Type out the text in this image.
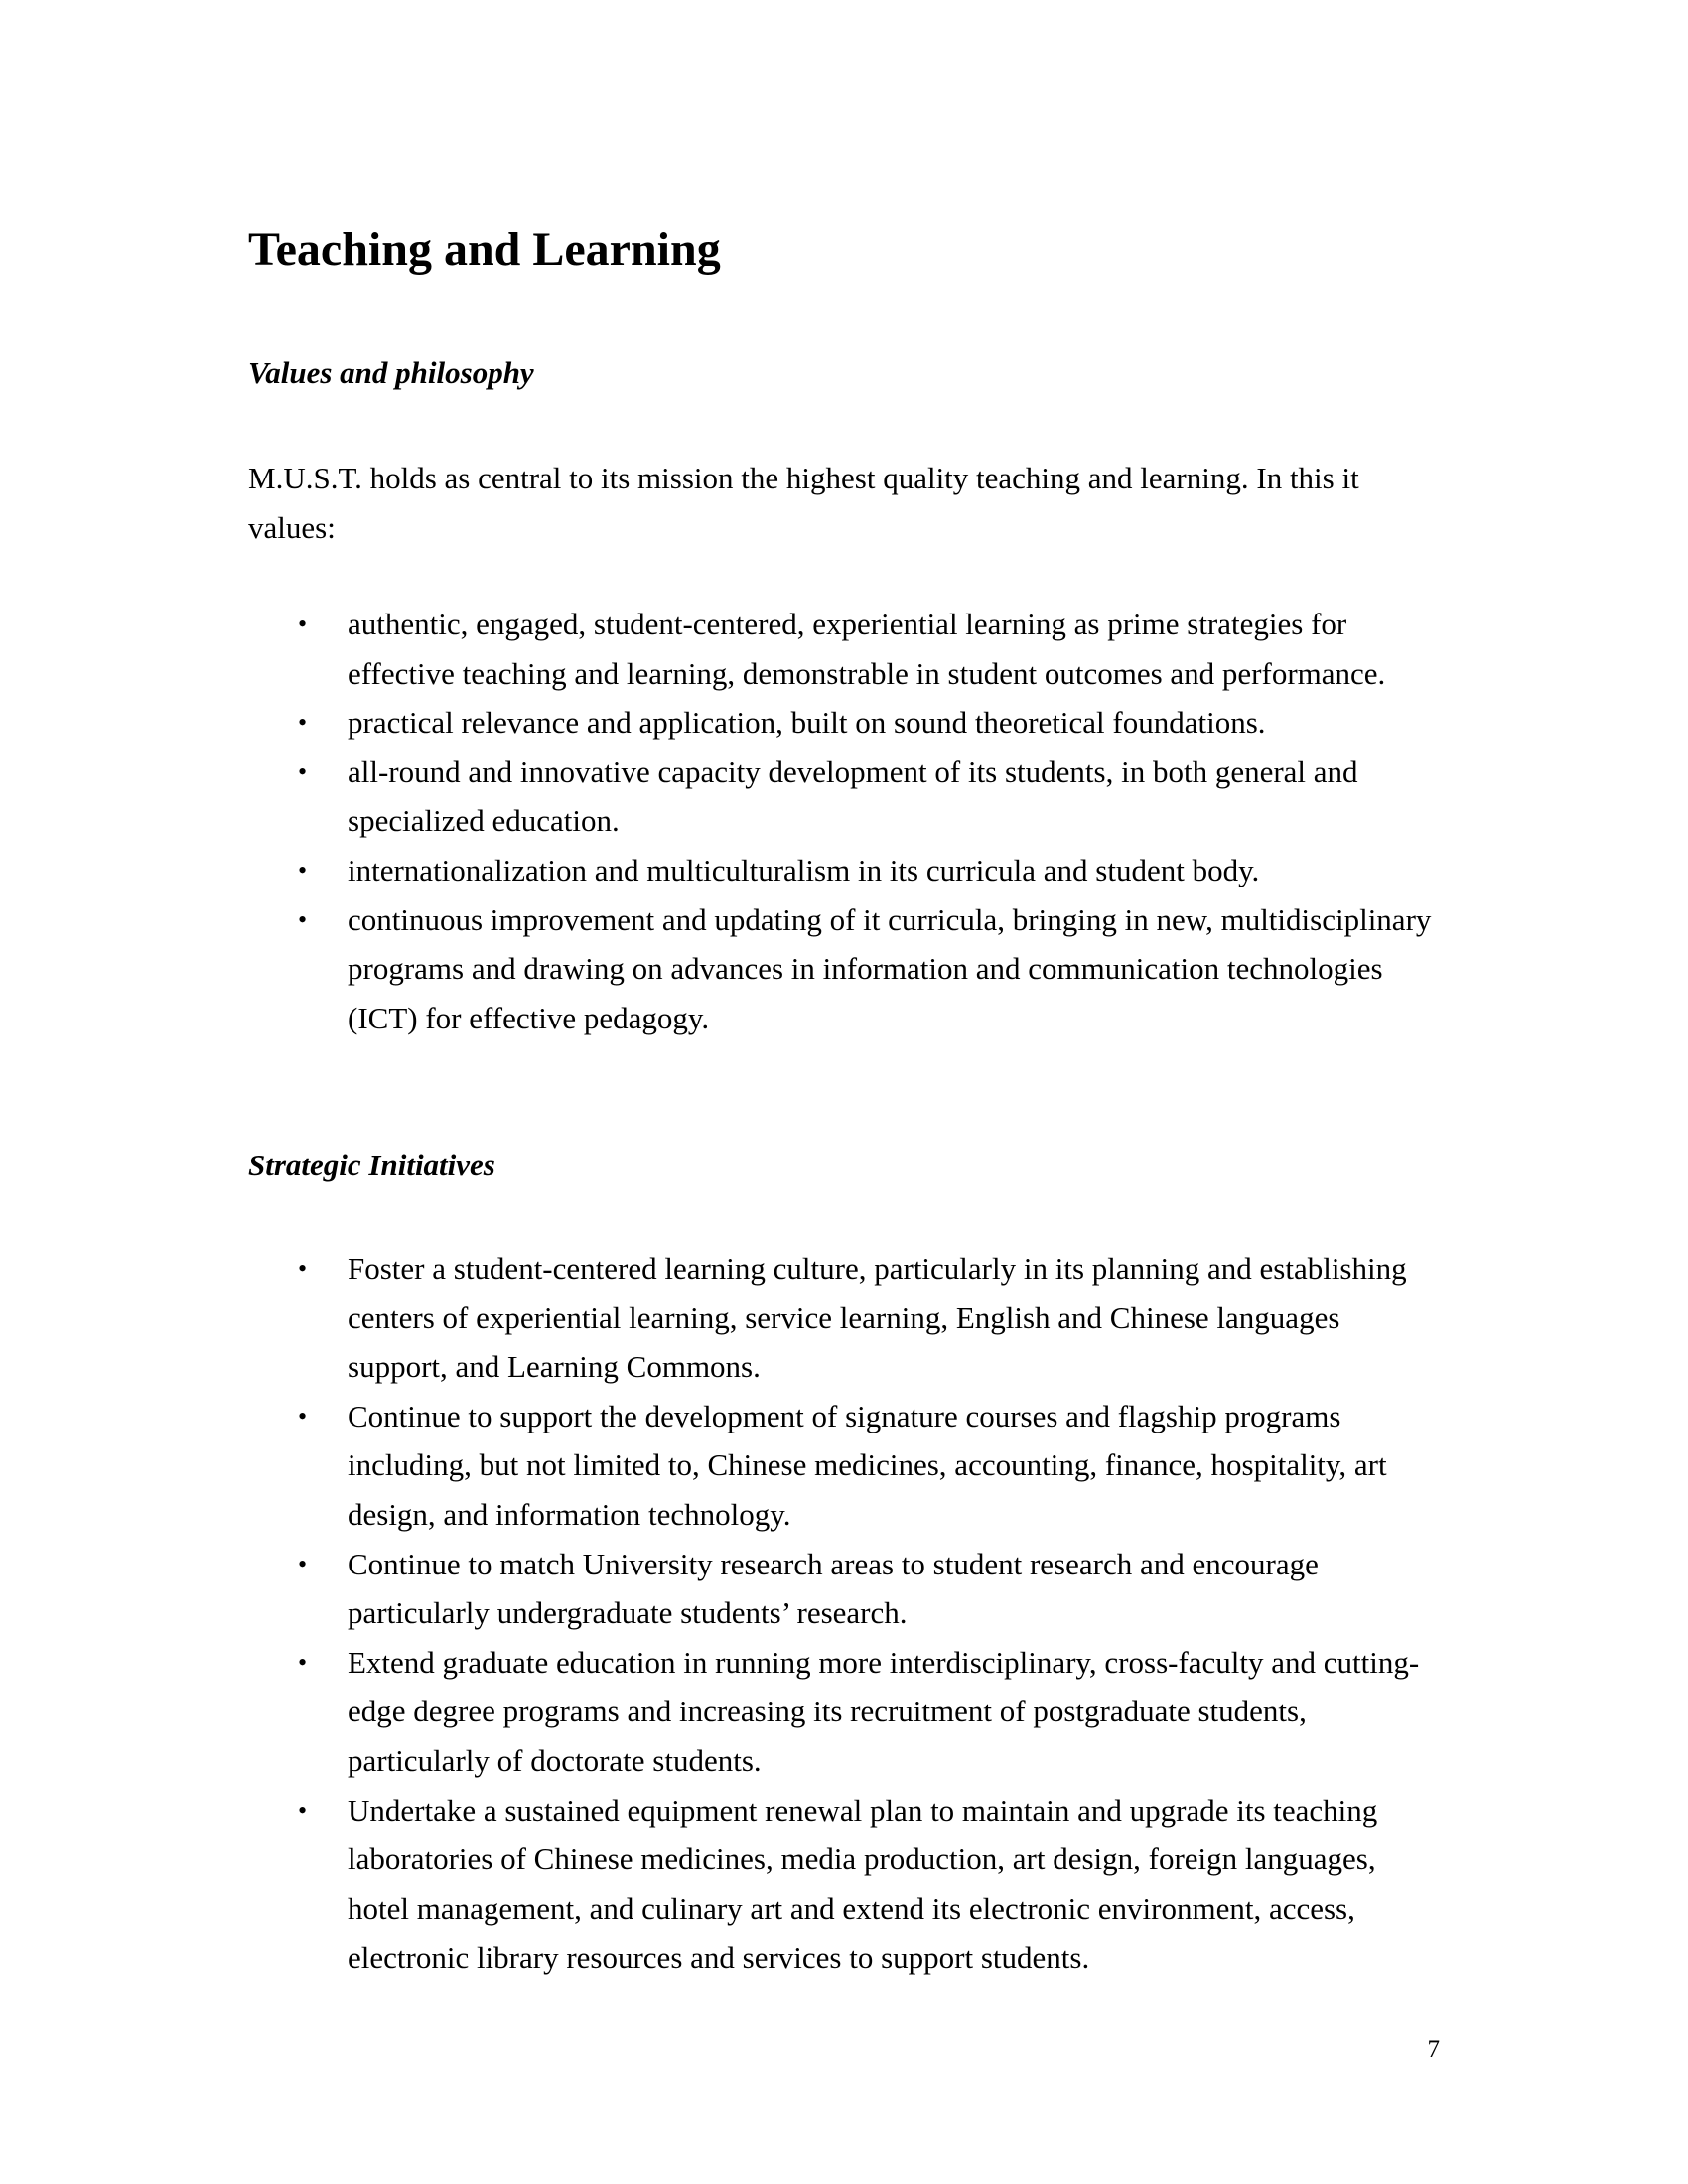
Teaching and Learning
Values and philosophy

M.U.S.T. holds as central to its mission the highest quality teaching and learning. In this it values:

• authentic, engaged, student-centered, experiential learning as prime strategies for effective teaching and learning, demonstrable in student outcomes and performance.
• practical relevance and application, built on sound theoretical foundations.
• all-round and innovative capacity development of its students, in both general and specialized education.
• internationalization and multiculturalism in its curricula and student body.
• continuous improvement and updating of it curricula, bringing in new, multidisciplinary programs and drawing on advances in information and communication technologies (ICT) for effective pedagogy.
Strategic Initiatives
• Foster a student-centered learning culture, particularly in its planning and establishing centers of experiential learning, service learning, English and Chinese languages support, and Learning Commons.
• Continue to support the development of signature courses and flagship programs including, but not limited to, Chinese medicines, accounting, finance, hospitality, art design, and information technology.
• Continue to match University research areas to student research and encourage particularly undergraduate students’ research.
• Extend graduate education in running more interdisciplinary, cross-faculty and cutting-edge degree programs and increasing its recruitment of postgraduate students, particularly of doctorate students.
• Undertake a sustained equipment renewal plan to maintain and upgrade its teaching laboratories of Chinese medicines, media production, art design, foreign languages, hotel management, and culinary art and extend its electronic environment, access, electronic library resources and services to support students.

7
